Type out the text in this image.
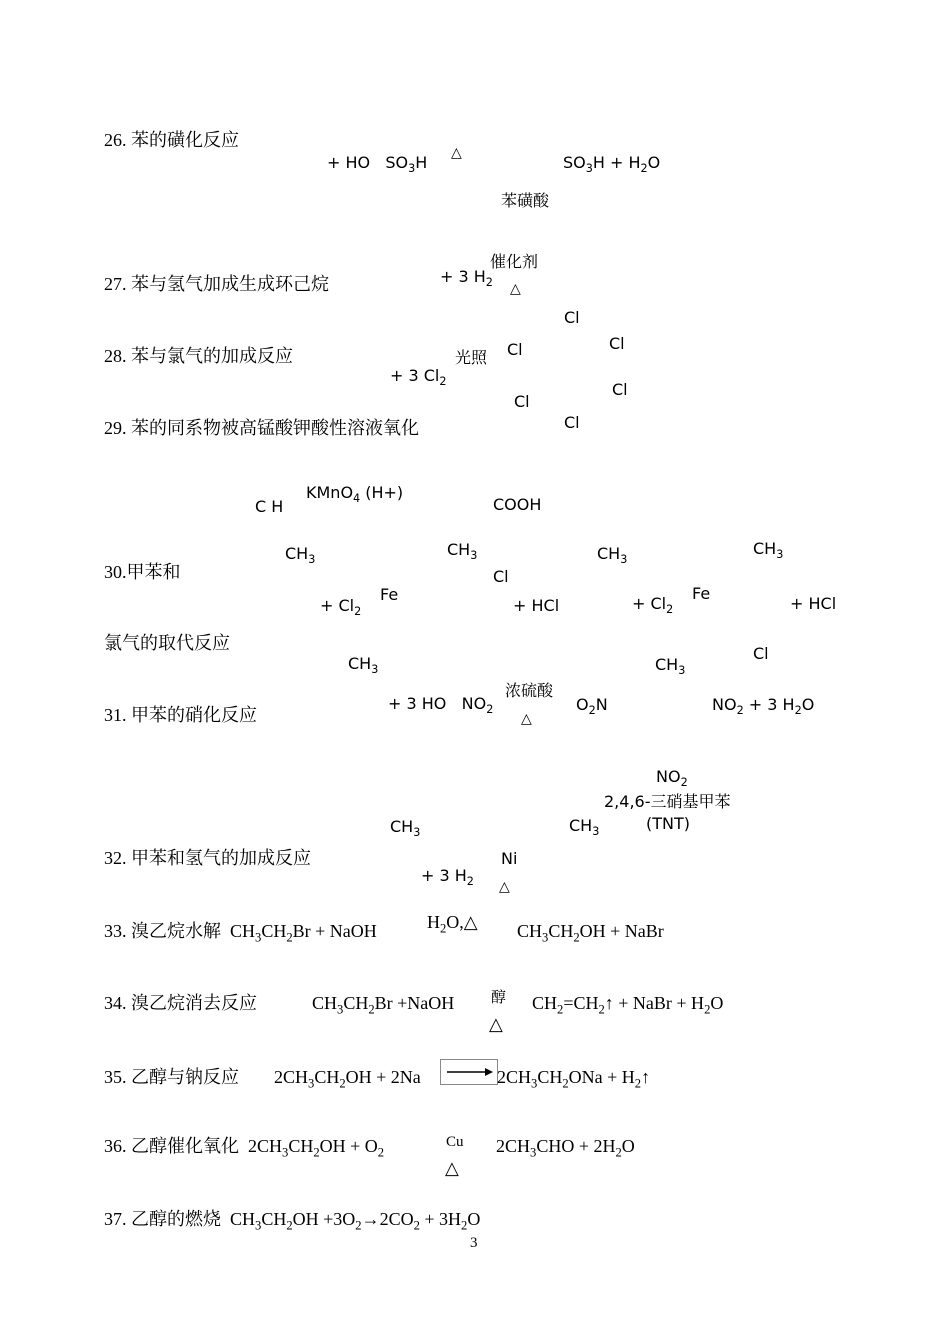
26. 苯的磺化反应
+ HO $SO_3H$ △	$SO_3H + H_2O$
苯磺酸
催化剂
27. 苯与氢气加成生成环己烷	+ 3 $H_2$ △
Cl
Cl
Cl
28. 苯与氯气的加成反应	光照
+ 3 $Cl_2$	Cl
Cl
Cl
29. 苯的同系物被高锰酸钾酸性溶液氧化
KMnO$_4$ (H+)
C H	COOH
$CH_3$	$CH_3$
$CH_3$	$CH_3$
30.甲苯和	Cl
Fe	Fe
+ $Cl_2$	+ HCl	+ $Cl_2$	+ HCl
氯气的取代反应
Cl
$CH_3$	$CH_3$
浓硫酸
+ 3 HO $NO_2$	$O_2N$	$NO_2 + 3$ $H_2O$
31. 甲苯的硝化反应	△
$NO_2$
2,4,6-三硝基甲苯
(TNT)
$CH_3$
$CH_3$
32. 甲苯和氢气的加成反应	Ni
+ 3 $H_2$ △
$H_2O,\triangle$
33. 溴乙烷水解  $CH_3CH_2Br$ + NaOH	$CH_3CH_2OH$ + NaBr
醇
34. 溴乙烷消去反应	$CH_3CH_2Br$ +NaOH	$CH_2=CH_2↑$ + NaBr + $H_2O$
△
35. 乙醇与钠反应 $2CH_3CH_2OH + 2Na$	$2CH_3CH_2ONa$ + $H_2↑$
Cu
36. 乙醇催化氧化  $2CH_3CH_2OH + O_2$	$2CH_3CHO + 2H_2O$
△
37. 乙醇的燃烧  $CH_3CH_2OH +3O_2\to 2CO_2 + 3H_2O$
3
